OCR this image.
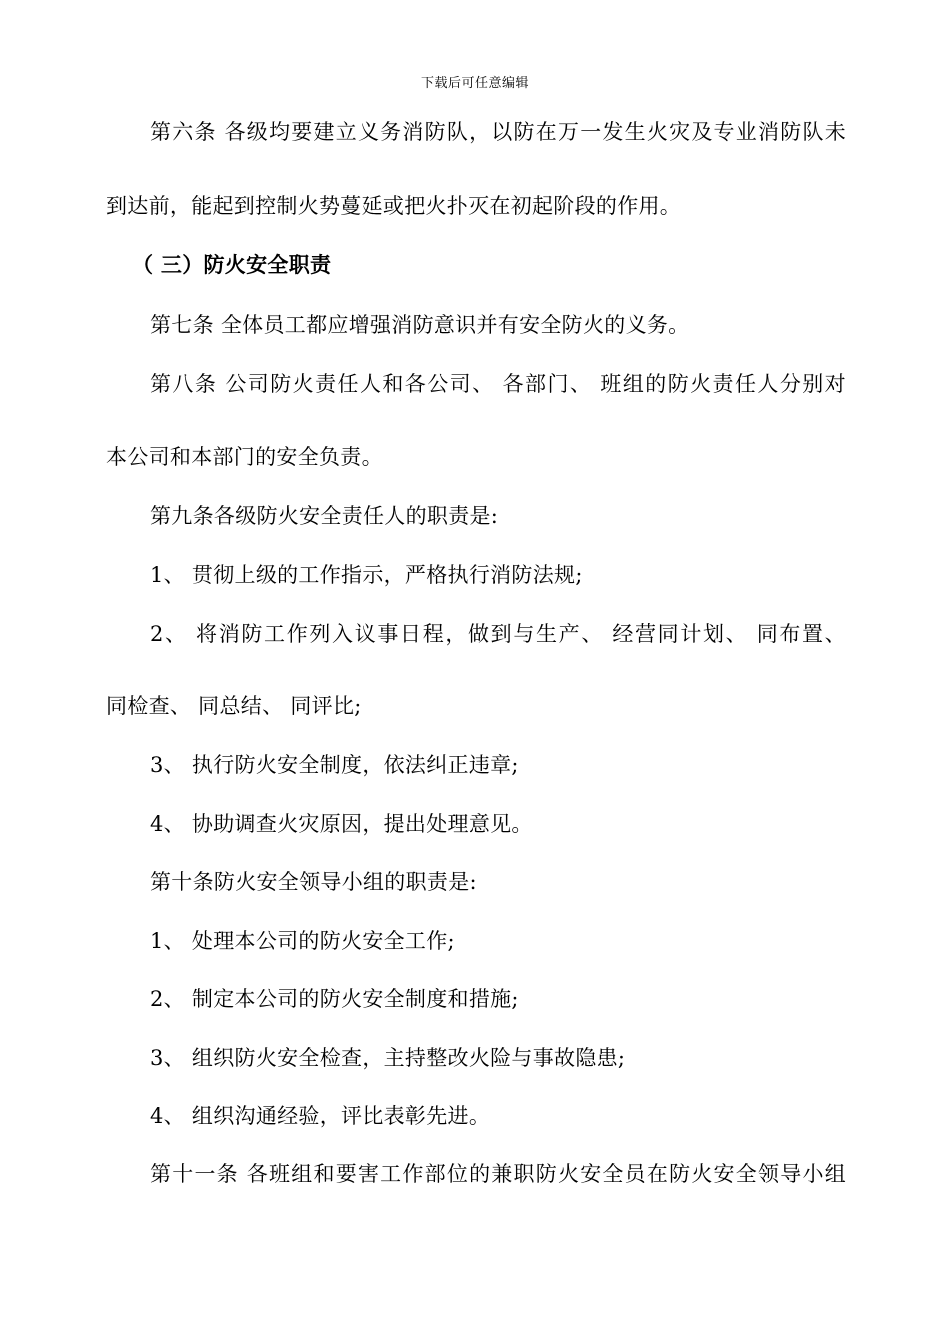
下载后可任意编辑
第六条 各级均要建立义务消防队，以防在万一发生火灾及专业消防队未
到达前，能起到控制火势蔓延或把火扑灭在初起阶段的作用。
（ 三）防火安全职责
第七条 全体员工都应增强消防意识并有安全防火的义务。
第八条 公司防火责任人和各公司、 各部门、 班组的防火责任人分别对
本公司和本部门的安全负责。
第九条各级防火安全责任人的职责是:
1、 贯彻上级的工作指示，严格执行消防法规;
2、 将消防工作列入议事日程，做到与生产、 经营同计划、 同布置、
同检查、 同总结、 同评比;
3、 执行防火安全制度，依法纠正违章;
4、 协助调查火灾原因，提出处理意见。
第十条防火安全领导小组的职责是:
1、 处理本公司的防火安全工作;
2、 制定本公司的防火安全制度和措施;
3、 组织防火安全检查，主持整改火险与事故隐患;
4、 组织沟通经验，评比表彰先进。
第十一条 各班组和要害工作部位的兼职防火安全员在防火安全领导小组
